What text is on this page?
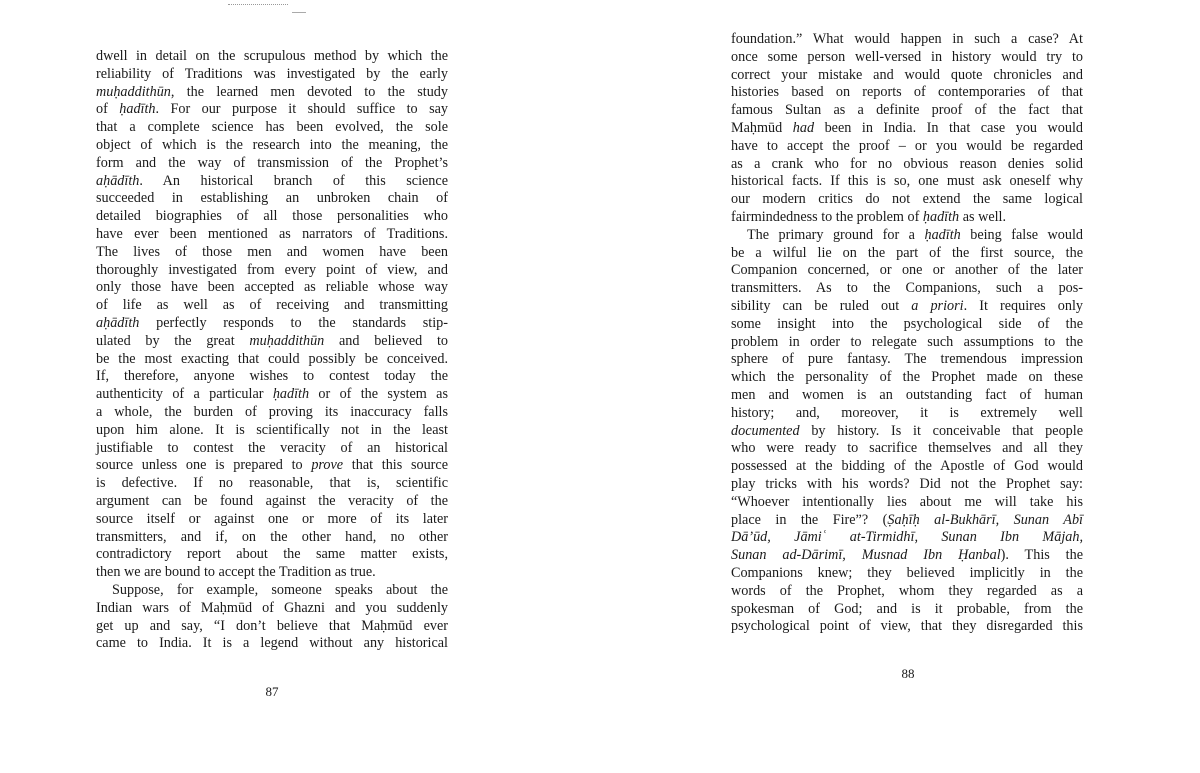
dwell in detail on the scrupulous method by which the
reliability of Traditions was investigated by the early
muḥaddithūn, the learned men devoted to the study
of ḥadīth. For our purpose it should suffice to say
that a complete science has been evolved, the sole
object of which is the research into the meaning, the
form and the way of transmission of the Prophet’s
aḥādīth. An historical branch of this science
succeeded in establishing an unbroken chain of
detailed biographies of all those personalities who
have ever been mentioned as narrators of Traditions.
The lives of those men and women have been
thoroughly investigated from every point of view, and
only those have been accepted as reliable whose way
of life as well as of receiving and transmitting
aḥādīth perfectly responds to the standards stip-
ulated by the great muḥaddithūn and believed to
be the most exacting that could possibly be conceived.
If, therefore, anyone wishes to contest today the
authenticity of a particular ḥadīth or of the system as
a whole, the burden of proving its inaccuracy falls
upon him alone. It is scientifically not in the least
justifiable to contest the veracity of an historical
source unless one is prepared to prove that this source
is defective. If no reasonable, that is, scientific
argument can be found against the veracity of the
source itself or against one or more of its later
transmitters, and if, on the other hand, no other
contradictory report about the same matter exists,
then we are bound to accept the Tradition as true.
Suppose, for example, someone speaks about the
Indian wars of Maḥmūd of Ghazni and you suddenly
get up and say, “I don’t believe that Maḥmūd ever
came to India. It is a legend without any historical
87
foundation.” What would happen in such a case? At
once some person well-versed in history would try to
correct your mistake and would quote chronicles and
histories based on reports of contemporaries of that
famous Sultan as a definite proof of the fact that
Maḥmūd had been in India. In that case you would
have to accept the proof – or you would be regarded
as a crank who for no obvious reason denies solid
historical facts. If this is so, one must ask oneself why
our modern critics do not extend the same logical
fairmindedness to the problem of ḥadīth as well.
The primary ground for a ḥadīth being false would
be a wilful lie on the part of the first source, the
Companion concerned, or one or another of the later
transmitters. As to the Companions, such a pos-
sibility can be ruled out a priori. It requires only
some insight into the psychological side of the
problem in order to relegate such assumptions to the
sphere of pure fantasy. The tremendous impression
which the personality of the Prophet made on these
men and women is an outstanding fact of human
history; and, moreover, it is extremely well
documented by history. Is it conceivable that people
who were ready to sacrifice themselves and all they
possessed at the bidding of the Apostle of God would
play tricks with his words? Did not the Prophet say:
“Whoever intentionally lies about me will take his
place in the Fire”? (Ṣaḥīḥ al-Bukhārī, Sunan Abī
Dā’ūd, Jāmiʿ at-Tirmidhī, Sunan Ibn Mājah,
Sunan ad-Dārimī, Musnad Ibn Ḥanbal). This the
Companions knew; they believed implicitly in the
words of the Prophet, whom they regarded as a
spokesman of God; and is it probable, from the
psychological point of view, that they disregarded this
88
